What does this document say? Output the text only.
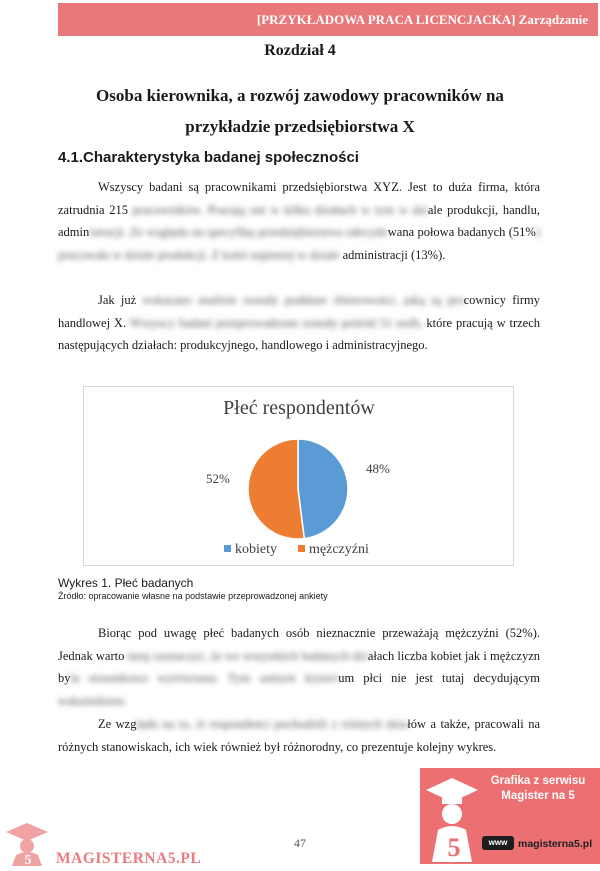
[PRZYKŁADOWA PRACA LICENCJACKA] Zarządzanie
Rozdział 4
Osoba kierownika, a rozwój zawodowy pracowników na przykładzie przedsiębiorstwa X
4.1.Charakterystyka badanej społeczności

Wszyscy badani są pracownikami przedsiębiorstwa XYZ. Jest to duża firma, która zatrudnia 215 pracowników. Pracują oni w kilku działach w tym w dziale produkcji, handlu, administracji. Ze względu na specyfikę przedsiębiorstwa zdecydowana połowa badanych (51%) pracowała w dziale produkcji. Z kolei najmniej w dziale administracji (13%).

Jak już wskazano analizie zostały poddane zbiorowości, jaką są pracownicy firmy handlowej X. Wszyscy badani przeprowadzone zostały pośród 51 osób, które pracują w trzech następujących działach: produkcyjnego, handlowego i administracyjnego.

Płeć respondentów
48%
52%
kobiety mężczyźni
Wykres 1. Płeć badanych
Źródło: opracowanie własne na podstawie przeprowadzonej ankiety

Biorąc pod uwagę płeć badanych osób nieznacznie przeważają mężczyźni (52%). Jednak warto tutaj zaznaczyć, że we wszystkich badanych działach liczba kobiet jak i mężczyzn była stosunkowo wyrównana. Tym samym kryterium płci nie jest tutaj decydującym wskaźnikiem.

Ze względu na to, iż respondenci pochodzili z różnych działów a także, pracowali na różnych stanowiskach, ich wiek również był różnorodny, co prezentuje kolejny wykres.

47	5
Grafika z serwisu
Magister na 5
www	magisterna5.pl
5 MAGISTERNA5.PL
